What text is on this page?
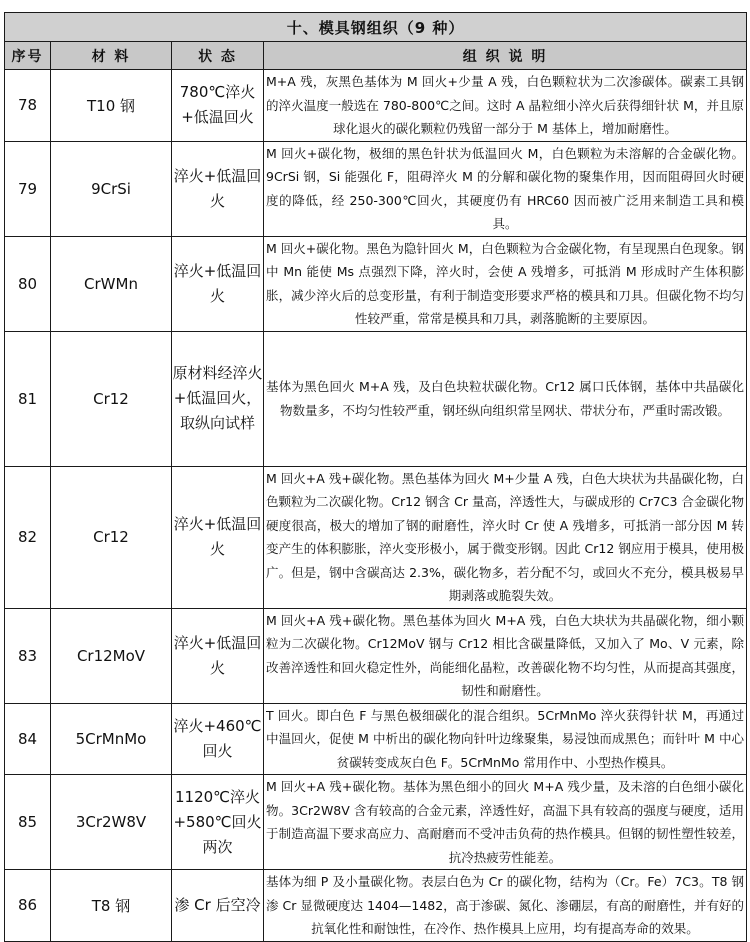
十、模具钢组织（9 种）			
序号	材 料	状 态	组 织 说 明
78	T10 钢	780℃淬火+低温回火	M+A 残，灰黑色基体为 M 回火+少量 A 残，白色颗粒状为二次渗碳体。碳素工具钢的淬火温度一般选在 780-800℃之间。这时 A 晶粒细小淬火后获得细针状 M，并且原球化退火的碳化颗粒仍残留一部分于 M 基体上，增加耐磨性。
79	9CrSi	淬火+低温回火	M 回火+碳化物，极细的黑色针状为低温回火 M，白色颗粒为未溶解的合金碳化物。9CrSi 钢，Si 能强化 F，阻碍淬火 M 的分解和碳化物的聚集作用，因而阻碍回火时硬度的降低，经 250-300℃回火，其硬度仍有 HRC60 因而被广泛用来制造工具和模具。
80	CrWMn	淬火+低温回火	M 回火+碳化物。黑色为隐针回火 M，白色颗粒为合金碳化物，有呈现黑白色现象。钢中 Mn 能使 Ms 点强烈下降，淬火时，会使 A 残增多，可抵消 M 形成时产生体积膨胀，减少淬火后的总变形量，有利于制造变形要求严格的模具和刀具。但碳化物不均匀性较严重，常常是模具和刀具，剥落脆断的主要原因。
81	Cr12	原材料经淬火+低温回火，取纵向试样	基体为黑色回火 M+A 残，及白色块粒状碳化物。Cr12 属口氏体钢，基体中共晶碳化物数量多，不均匀性较严重，钢坯纵向组织常呈网状、带状分布，严重时需改锻。
82	Cr12	淬火+低温回火	M 回火+A 残+碳化物。黑色基体为回火 M+少量 A 残，白色大块状为共晶碳化物，白色颗粒为二次碳化物。Cr12 钢含 Cr 量高，淬透性大，与碳成形的 Cr7C3 合金碳化物硬度很高，极大的增加了钢的耐磨性，淬火时 Cr 使 A 残增多，可抵消一部分因 M 转变产生的体积膨胀，淬火变形极小，属于微变形钢。因此 Cr12 钢应用于模具，使用极广。但是，钢中含碳高达 2.3%，碳化物多，若分配不匀，或回火不充分，模具极易早期剥落或脆裂失效。
83	Cr12MoV	淬火+低温回火	M 回火+A 残+碳化物。黑色基体为回火 M+A 残，白色大块状为共晶碳化物，细小颗粒为二次碳化物。Cr12MoV 钢与 Cr12 相比含碳量降低，又加入了 Mo、V 元素，除改善淬透性和回火稳定性外，尚能细化晶粒，改善碳化物不均匀性，从而提高其强度，韧性和耐磨性。
84	5CrMnMo	淬火+460℃回火	T 回火。即白色 F 与黑色极细碳化的混合组织。5CrMnMo 淬火获得针状 M，再通过中温回火，促使 M 中析出的碳化物向针叶边缘聚集，易浸蚀而成黑色；而针叶 M 中心贫碳转变成灰白色 F。5CrMnMo 常用作中、小型热作模具。
85	3Cr2W8V	1120℃淬火+580℃回火两次	M 回火+A 残+碳化物。基体为黑色细小的回火 M+A 残少量，及未溶的白色细小碳化物。3Cr2W8V 含有较高的合金元素，淬透性好，高温下具有较高的强度与硬度，适用于制造高温下要求高应力、高耐磨而不受冲击负荷的热作模具。但钢的韧性塑性较差，抗冷热疲劳性能差。
86	T8 钢	渗 Cr 后空冷	基体为细 P 及小量碳化物。表层白色为 Cr 的碳化物，结构为（Cr。Fe）7C3。T8 钢渗 Cr 显微硬度达 1404—1482，高于渗碳、氮化、渗硼层，有高的耐磨性，并有好的抗氧化性和耐蚀性，在冷作、热作模具上应用，均有提高寿命的效果。
